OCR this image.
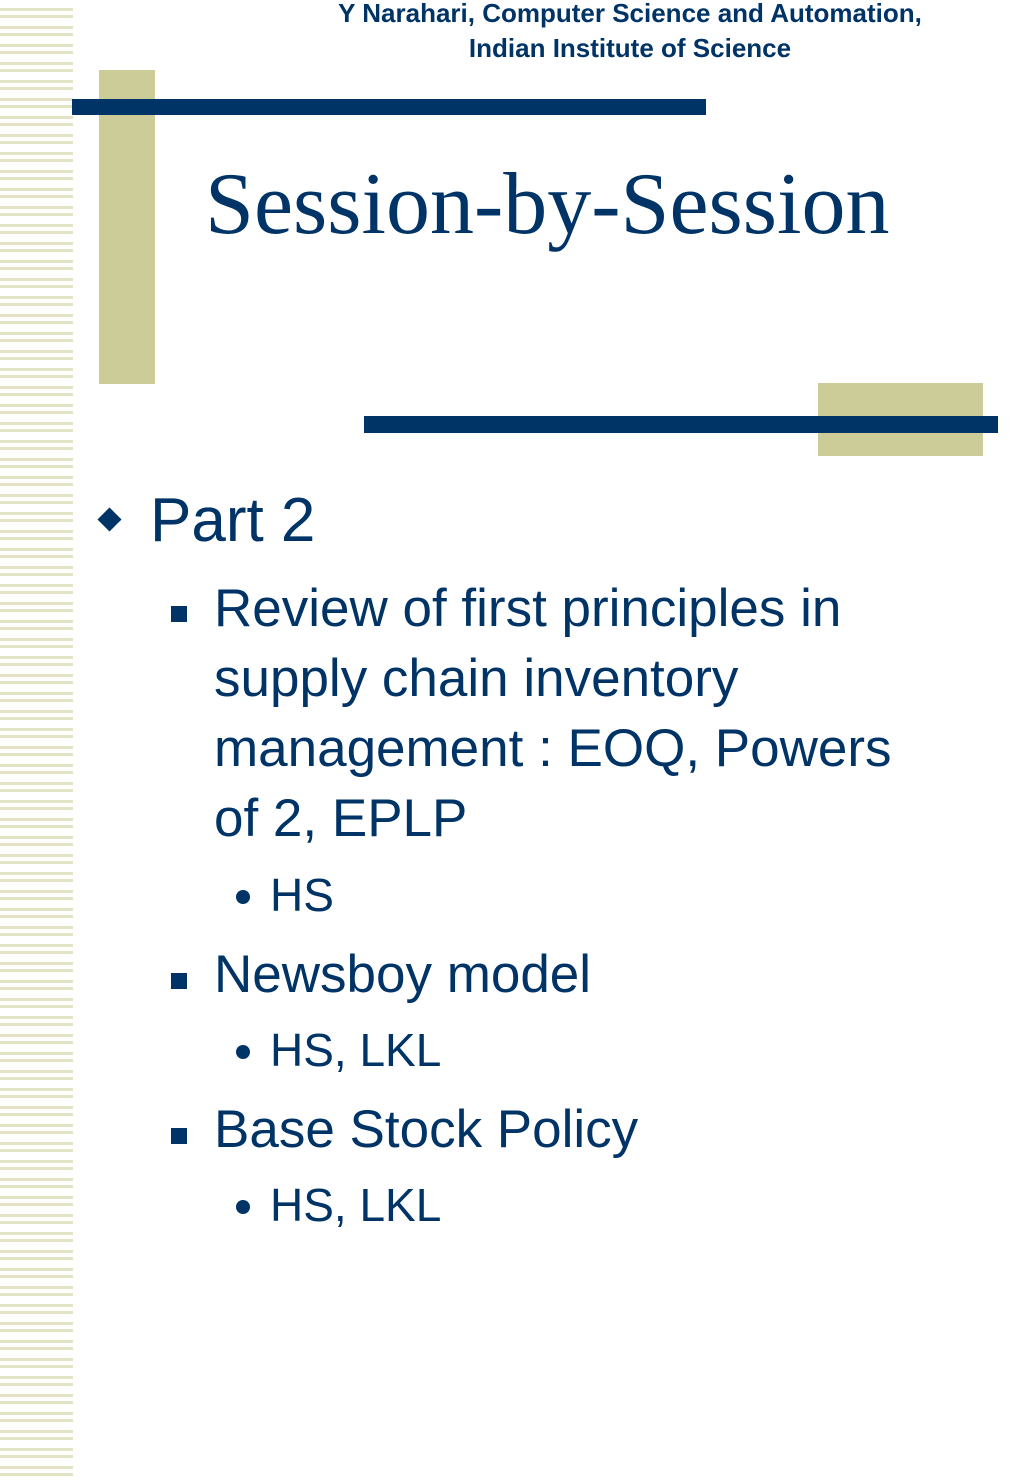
Y Narahari, Computer Science and Automation,
Indian Institute of Science
Session-by-Session
Part 2
Review of first principles in
supply chain inventory
management : EOQ, Powers
of 2, EPLP
HS
Newsboy model
HS, LKL
Base Stock Policy
HS, LKL
